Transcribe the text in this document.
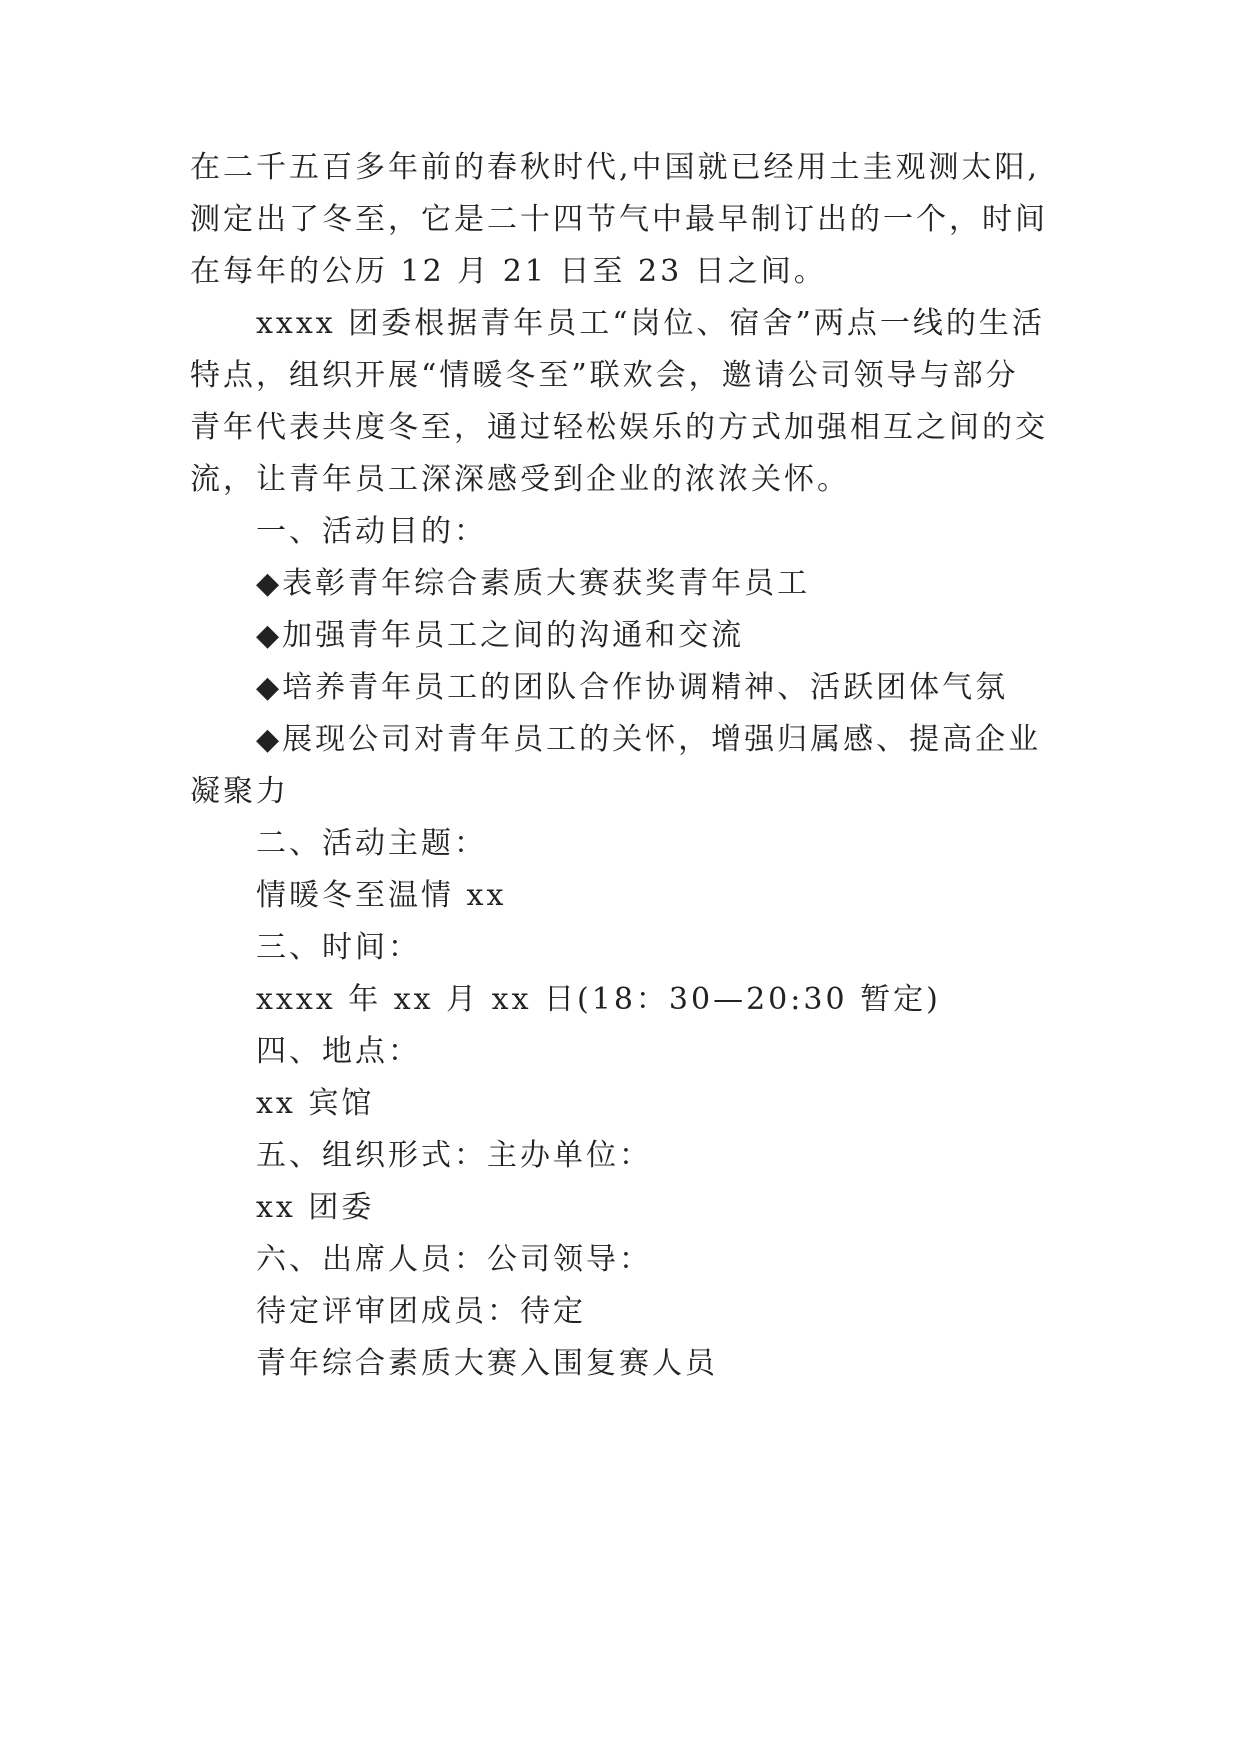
在二千五百多年前的春秋时代,中国就已经用土圭观测太阳,
测定出了冬至，它是二十四节气中最早制订出的一个，时间
在每年的公历 12 月 21 日至 23 日之间。
xxxx 团委根据青年员工“岗位、宿舍”两点一线的生活
特点，组织开展“情暖冬至”联欢会，邀请公司领导与部分
青年代表共度冬至，通过轻松娱乐的方式加强相互之间的交
流，让青年员工深深感受到企业的浓浓关怀。
一、活动目的：
◆表彰青年综合素质大赛获奖青年员工
◆加强青年员工之间的沟通和交流
◆培养青年员工的团队合作协调精神、活跃团体气氛
◆展现公司对青年员工的关怀，增强归属感、提高企业
凝聚力
二、活动主题：
情暖冬至温情 xx
三、时间：
xxxx 年 xx 月 xx 日(18：30—20:30 暂定)
四、地点：
xx 宾馆
五、组织形式：主办单位：
xx 团委
六、出席人员：公司领导：
待定评审团成员：待定
青年综合素质大赛入围复赛人员
